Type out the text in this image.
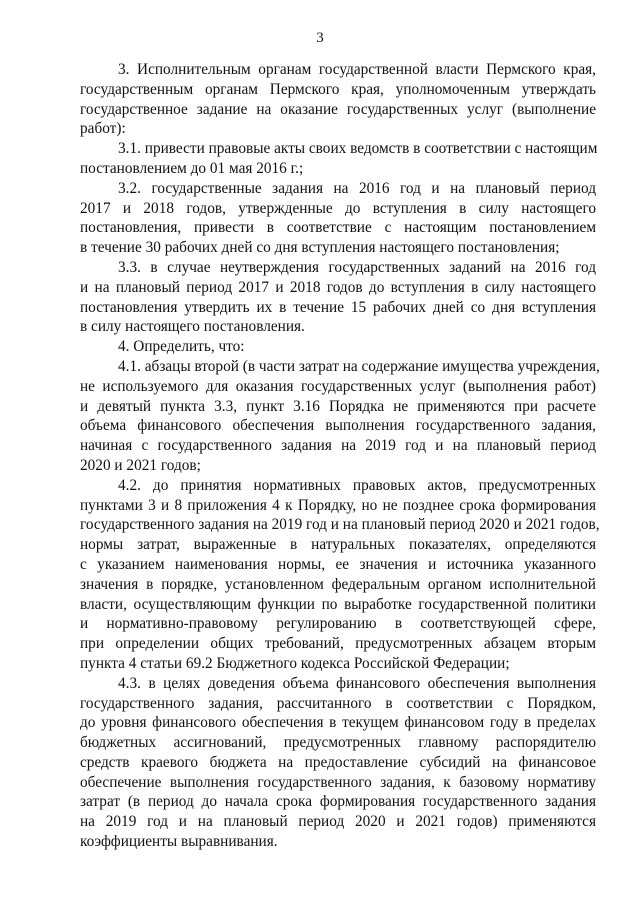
3
3. Исполнительным органам государственной власти Пермского края,
государственным органам Пермского края, уполномоченным утверждать
государственное задание на оказание государственных услуг (выполнение
работ):
3.1. привести правовые акты своих ведомств в соответствии с настоящим
постановлением до 01 мая 2016 г.;
3.2. государственные задания на 2016 год и на плановый период
2017 и 2018 годов, утвержденные до вступления в силу настоящего
постановления, привести в соответствие с настоящим постановлением
в течение 30 рабочих дней со дня вступления настоящего постановления;
3.3. в случае неутверждения государственных заданий на 2016 год
и на плановый период 2017 и 2018 годов до вступления в силу настоящего
постановления утвердить их в течение 15 рабочих дней со дня вступления
в силу настоящего постановления.
4. Определить, что:
4.1. абзацы второй (в части затрат на содержание имущества учреждения,
не используемого для оказания государственных услуг (выполнения работ)
и девятый пункта 3.3, пункт 3.16 Порядка не применяются при расчете
объема финансового обеспечения выполнения государственного задания,
начиная с государственного задания на 2019 год и на плановый период
2020 и 2021 годов;
4.2. до принятия нормативных правовых актов, предусмотренных
пунктами 3 и 8 приложения 4 к Порядку, но не позднее срока формирования
государственного задания на 2019 год и на плановый период 2020 и 2021 годов,
нормы затрат, выраженные в натуральных показателях, определяются
с указанием наименования нормы, ее значения и источника указанного
значения в порядке, установленном федеральным органом исполнительной
власти, осуществляющим функции по выработке государственной политики
и нормативно-правовому регулированию в соответствующей сфере,
при определении общих требований, предусмотренных абзацем вторым
пункта 4 статьи 69.2 Бюджетного кодекса Российской Федерации;
4.3. в целях доведения объема финансового обеспечения выполнения
государственного задания, рассчитанного в соответствии с Порядком,
до уровня финансового обеспечения в текущем финансовом году в пределах
бюджетных ассигнований, предусмотренных главному распорядителю
средств краевого бюджета на предоставление субсидий на финансовое
обеспечение выполнения государственного задания, к базовому нормативу
затрат (в период до начала срока формирования государственного задания
на 2019 год и на плановый период 2020 и 2021 годов) применяются
коэффициенты выравнивания.
